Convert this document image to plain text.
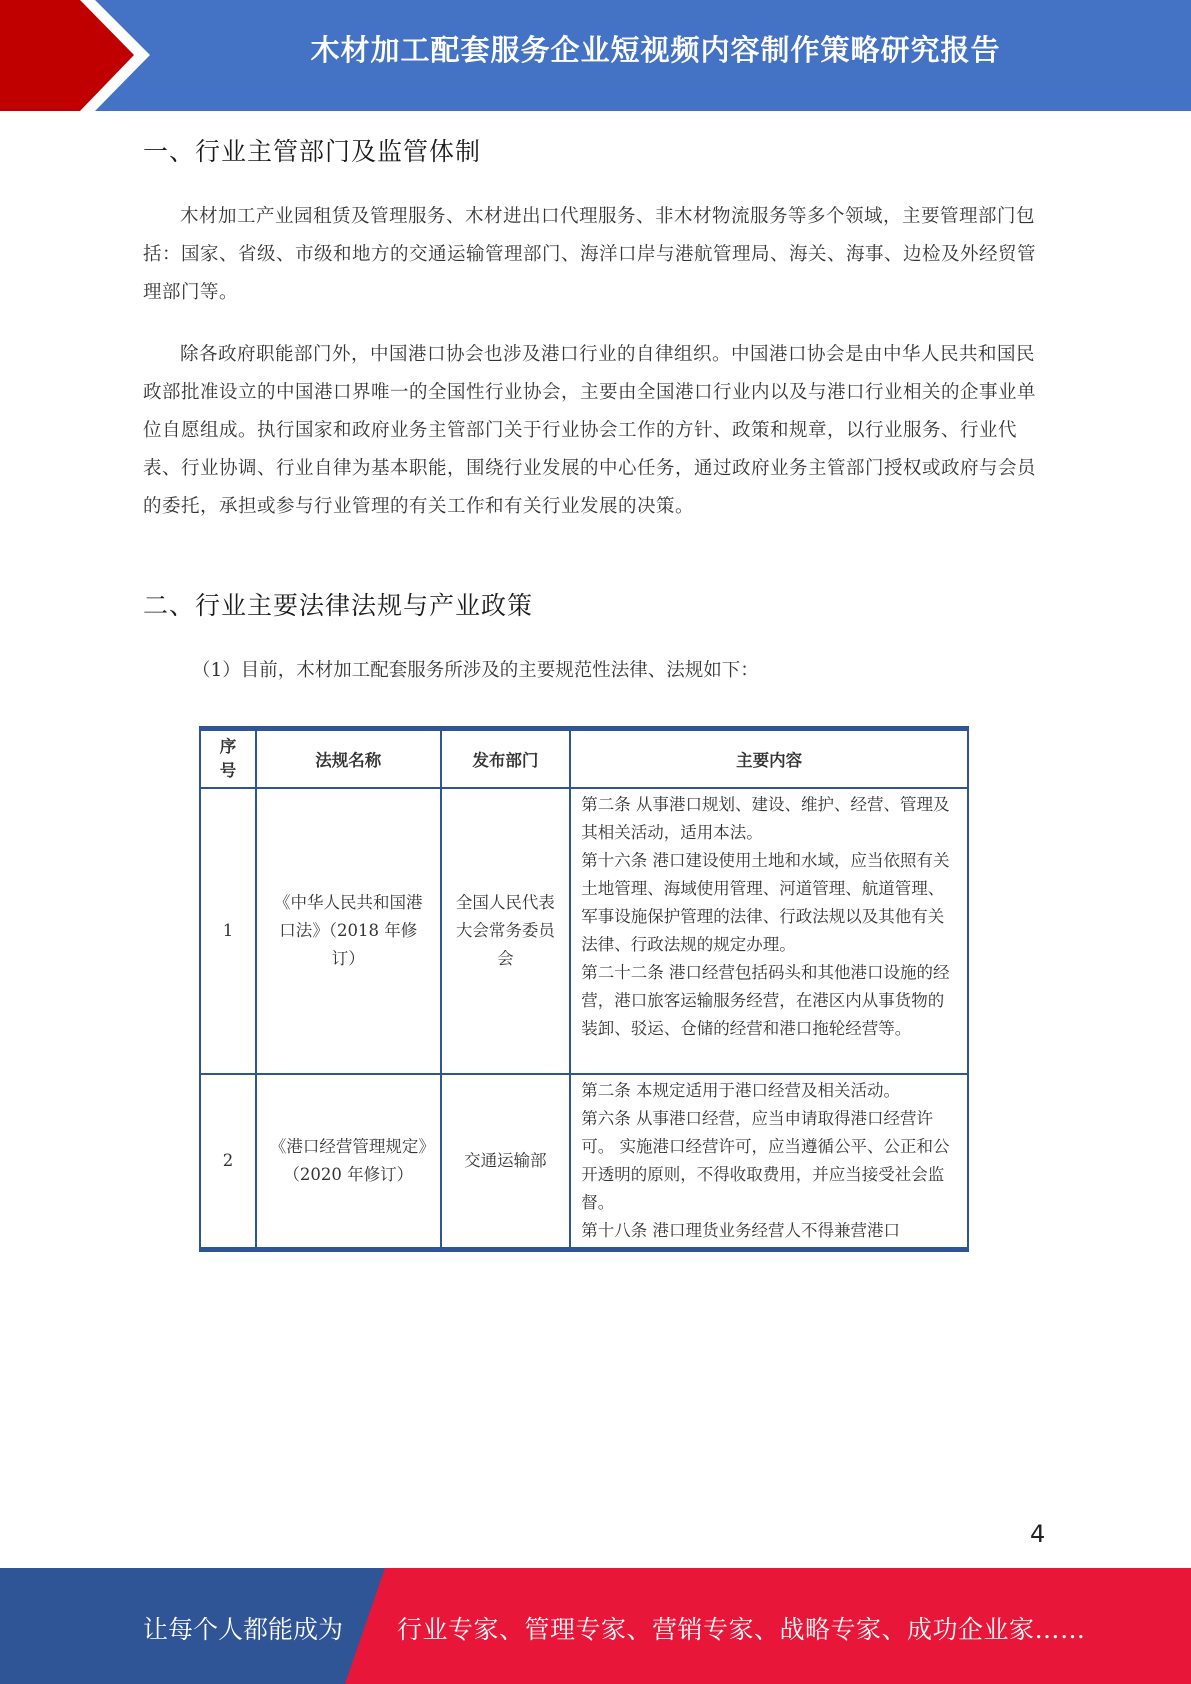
木材加工配套服务企业短视频内容制作策略研究报告
一、行业主管部门及监管体制

木材加工产业园租赁及管理服务、木材进出口代理服务、非木材物流服务等多个领域，主要管理部门包括：国家、省级、市级和地方的交通运输管理部门、海洋口岸与港航管理局、海关、海事、边检及外经贸管理部门等。

除各政府职能部门外，中国港口协会也涉及港口行业的自律组织。中国港口协会是由中华人民共和国民政部批准设立的中国港口界唯一的全国性行业协会，主要由全国港口行业内以及与港口行业相关的企事业单位自愿组成。执行国家和政府业务主管部门关于行业协会工作的方针、政策和规章，以行业服务、行业代表、行业协调、行业自律为基本职能，围绕行业发展的中心任务，通过政府业务主管部门授权或政府与会员的委托，承担或参与行业管理的有关工作和有关行业发展的决策。

二、行业主要法律法规与产业政策
（1）目前，木材加工配套服务所涉及的主要规范性法律、法规如下：
序号	法规名称	发布部门	主要内容
1	《中华人民共和国港口法》（2018 年修订）	全国人民代表大会常务委员会	第二条 从事港口规划、建设、维护、经营、管理及其相关活动，适用本法。
第十六条 港口建设使用土地和水域，应当依照有关土地管理、海域使用管理、河道管理、航道管理、军事设施保护管理的法律、行政法规以及其他有关法律、行政法规的规定办理。
第二十二条 港口经营包括码头和其他港口设施的经营，港口旅客运输服务经营，在港区内从事货物的装卸、驳运、仓储的经营和港口拖轮经营等。

2	《港口经营管理规定》（2020 年修订）	交通运输部	第二条 本规定适用于港口经营及相关活动。
第六条 从事港口经营，应当申请取得港口经营许可。 实施港口经营许可，应当遵循公平、公正和公开透明的原则，不得收取费用，并应当接受社会监督。
第十八条 港口理货业务经营人不得兼营港口
4
让每个人都能成为 行业专家、管理专家、营销专家、战略专家、成功企业家……
